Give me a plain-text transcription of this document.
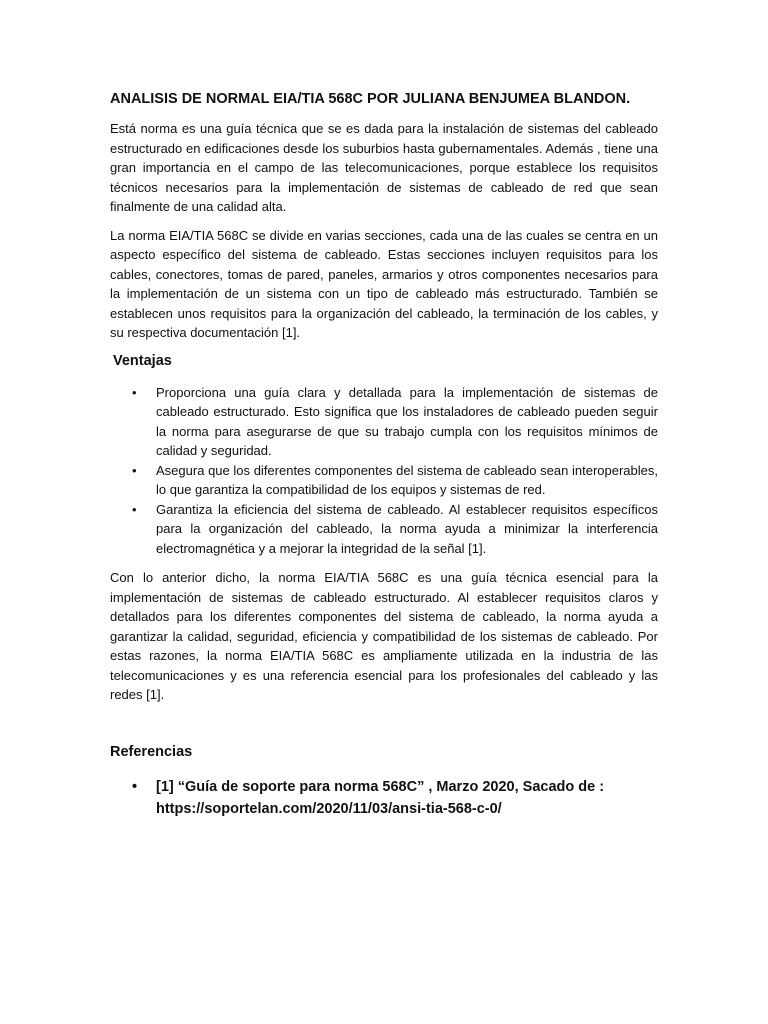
ANALISIS DE NORMAL EIA/TIA 568C POR JULIANA BENJUMEA BLANDON.

Está norma es una guía técnica que se es dada para la instalación de sistemas del cableado estructurado en edificaciones desde los suburbios hasta gubernamentales. Además , tiene una gran importancia en el campo de las telecomunicaciones, porque establece los requisitos técnicos necesarios para la implementación de sistemas de cableado de red que sean finalmente de una calidad alta.

La norma EIA/TIA 568C se divide en varias secciones, cada una de las cuales se centra en un aspecto específico del sistema de cableado. Estas secciones incluyen requisitos para los cables, conectores, tomas de pared, paneles, armarios y otros componentes necesarios para la implementación de un sistema con un tipo de cableado más estructurado. También se establecen unos requisitos para la organización del cableado, la terminación de los cables, y su respectiva documentación [1].

Ventajas
• Proporciona una guía clara y detallada para la implementación de sistemas de cableado estructurado. Esto significa que los instaladores de cableado pueden seguir la norma para asegurarse de que su trabajo cumpla con los requisitos mínimos de calidad y seguridad.
• Asegura que los diferentes componentes del sistema de cableado sean interoperables, lo que garantiza la compatibilidad de los equipos y sistemas de red.
• Garantiza la eficiencia del sistema de cableado. Al establecer requisitos específicos para la organización del cableado, la norma ayuda a minimizar la interferencia electromagnética y a mejorar la integridad de la señal [1].

Con lo anterior dicho, la norma EIA/TIA 568C es una guía técnica esencial para la implementación de sistemas de cableado estructurado. Al establecer requisitos claros y detallados para los diferentes componentes del sistema de cableado, la norma ayuda a garantizar la calidad, seguridad, eficiencia y compatibilidad de los sistemas de cableado. Por estas razones, la norma EIA/TIA 568C es ampliamente utilizada en la industria de las telecomunicaciones y es una referencia esencial para los profesionales del cableado y las redes [1].

Referencias
• [1] “Guía de soporte para norma 568C” , Marzo 2020, Sacado de :
https://soportelan.com/2020/11/03/ansi-tia-568-c-0/
